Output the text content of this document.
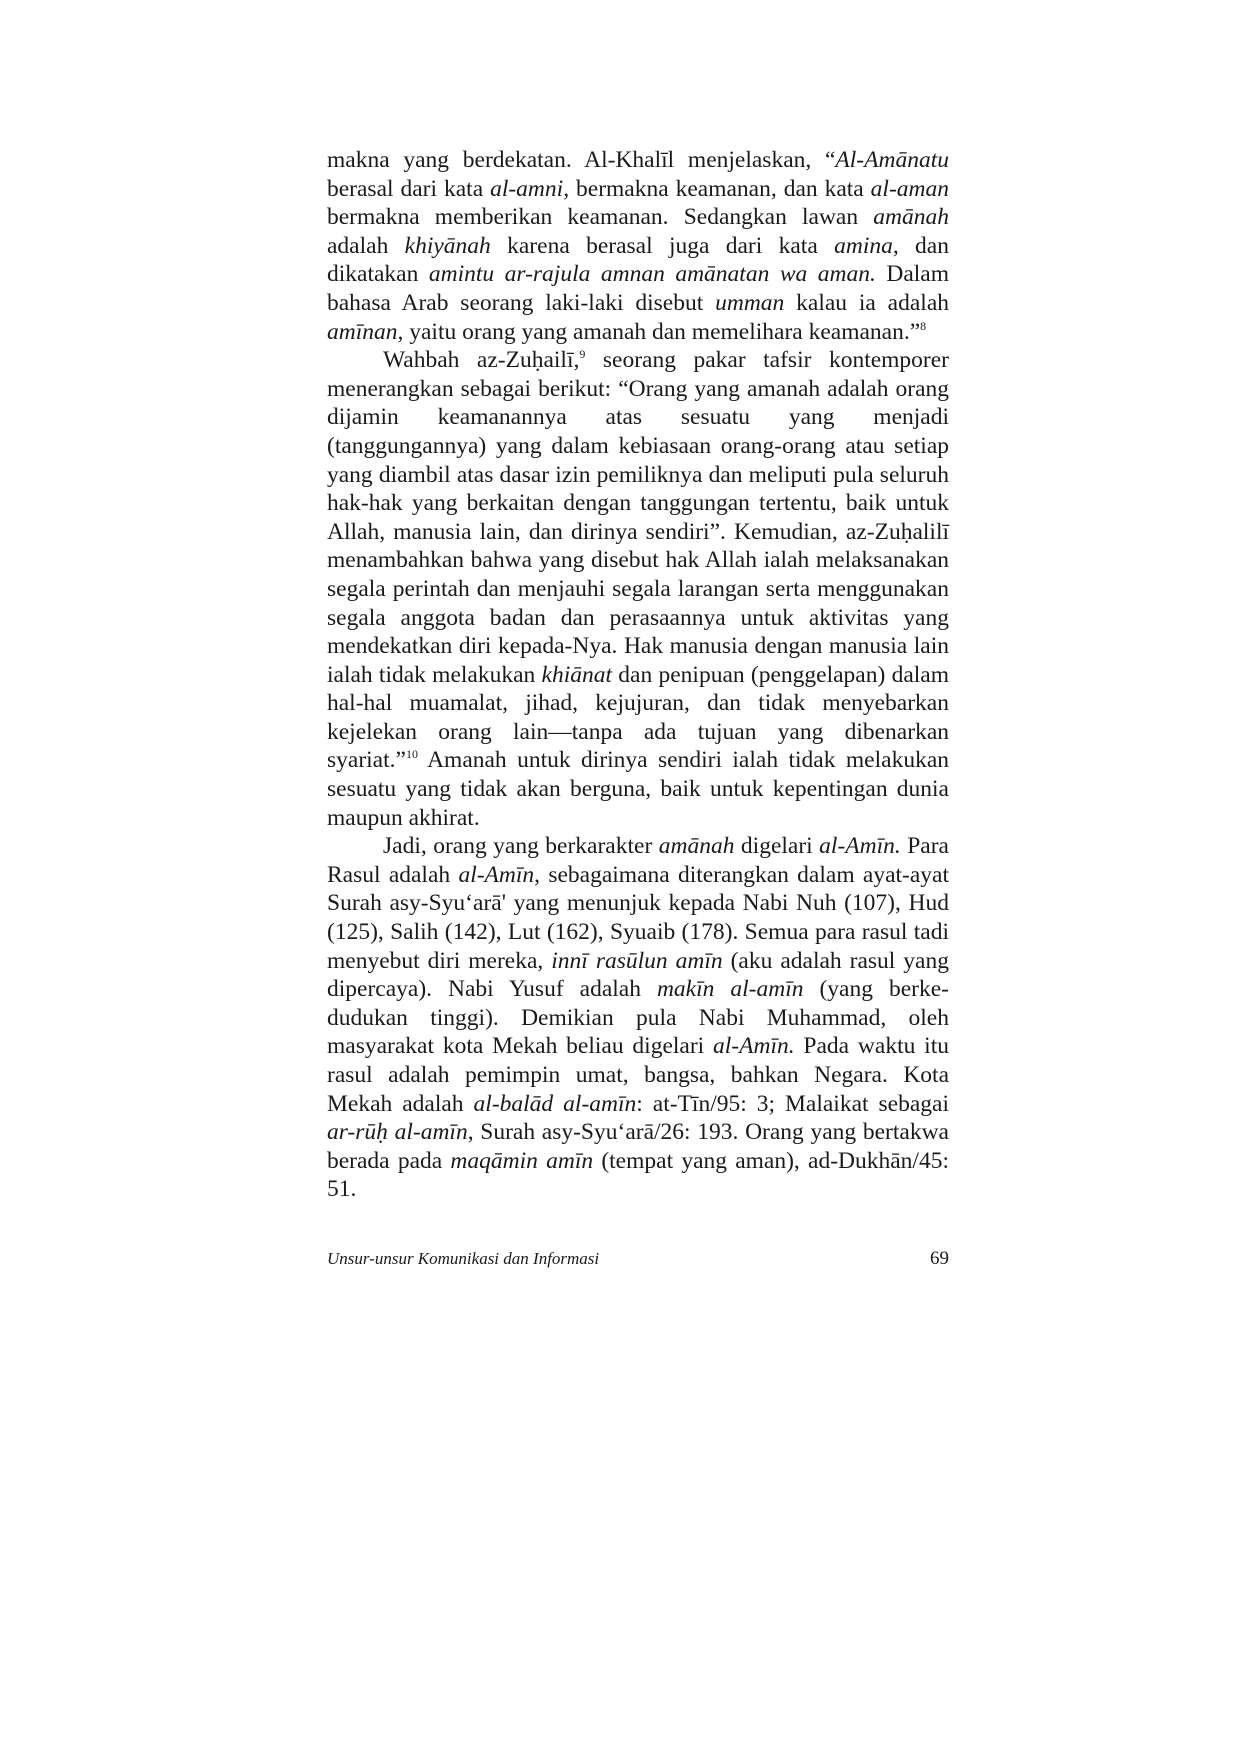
makna yang berdekatan. Al-Khalīl menjelaskan, “Al-Amānatu berasal dari kata al-amni, bermakna keamanan, dan kata al-aman bermakna memberikan keamanan. Sedangkan lawan amānah adalah khiyānah karena berasal juga dari kata amina, dan dikatakan amintu ar-rajula amnan amānatan wa aman. Dalam bahasa Arab seorang laki-laki disebut umman kalau ia adalah amīnan, yaitu orang yang amanah dan memelihara keamanan.”$^8$

Wahbah az-Zuḥailī,$^9$ seorang pakar tafsir kontemporer menerangkan sebagai berikut: “Orang yang amanah adalah orang dijamin keamanannya atas sesuatu yang menjadi (tanggungannya) yang dalam kebiasaan orang-orang atau setiap yang diambil atas dasar izin pemiliknya dan meliputi pula seluruh hak-hak yang berkaitan dengan tanggungan tertentu, baik untuk Allah, manusia lain, dan dirinya sendiri”. Kemudian, az-Zuḥalilī menambahkan bahwa yang disebut hak Allah ialah melaksanakan segala perintah dan menjauhi segala larangan serta menggunakan segala anggota badan dan perasaannya untuk aktivitas yang mendekatkan diri kepada-Nya. Hak manusia dengan manusia lain ialah tidak melakukan khiānat dan penipuan (penggelapan) dalam hal-hal muamalat, jihad, kejujuran, dan tidak menyebarkan kejelekan orang lain—tanpa ada tujuan yang dibenarkan syariat.”$^{10}$ Amanah untuk dirinya sendiri ialah tidak melakukan sesuatu yang tidak akan berguna, baik untuk kepentingan dunia maupun akhirat.

Jadi, orang yang berkarakter amānah digelari al-Amīn. Para Rasul adalah al-Amīn, sebagaimana diterangkan dalam ayat-ayat Surah asy-Syu‘arā' yang menunjuk kepada Nabi Nuh (107), Hud (125), Salih (142), Lut (162), Syuaib (178). Semua para rasul tadi menyebut diri mereka, innī rasūlun amīn (aku adalah rasul yang dipercaya). Nabi Yusuf adalah makīn al-amīn (yang berkedudukan tinggi). Demikian pula Nabi Muhammad, oleh masyarakat kota Mekah beliau digelari al-Amīn. Pada waktu itu rasul adalah pemimpin umat, bangsa, bahkan Negara. Kota Mekah adalah al-balād al-amīn: at-Tīn/95: 3; Malaikat sebagai ar-rūḥ al-amīn, Surah asy-Syu‘arā/26: 193. Orang yang bertakwa berada pada maqāmin amīn (tempat yang aman), ad-Dukhān/45: 51.

Unsur-unsur Komunikasi dan Informasi	69
